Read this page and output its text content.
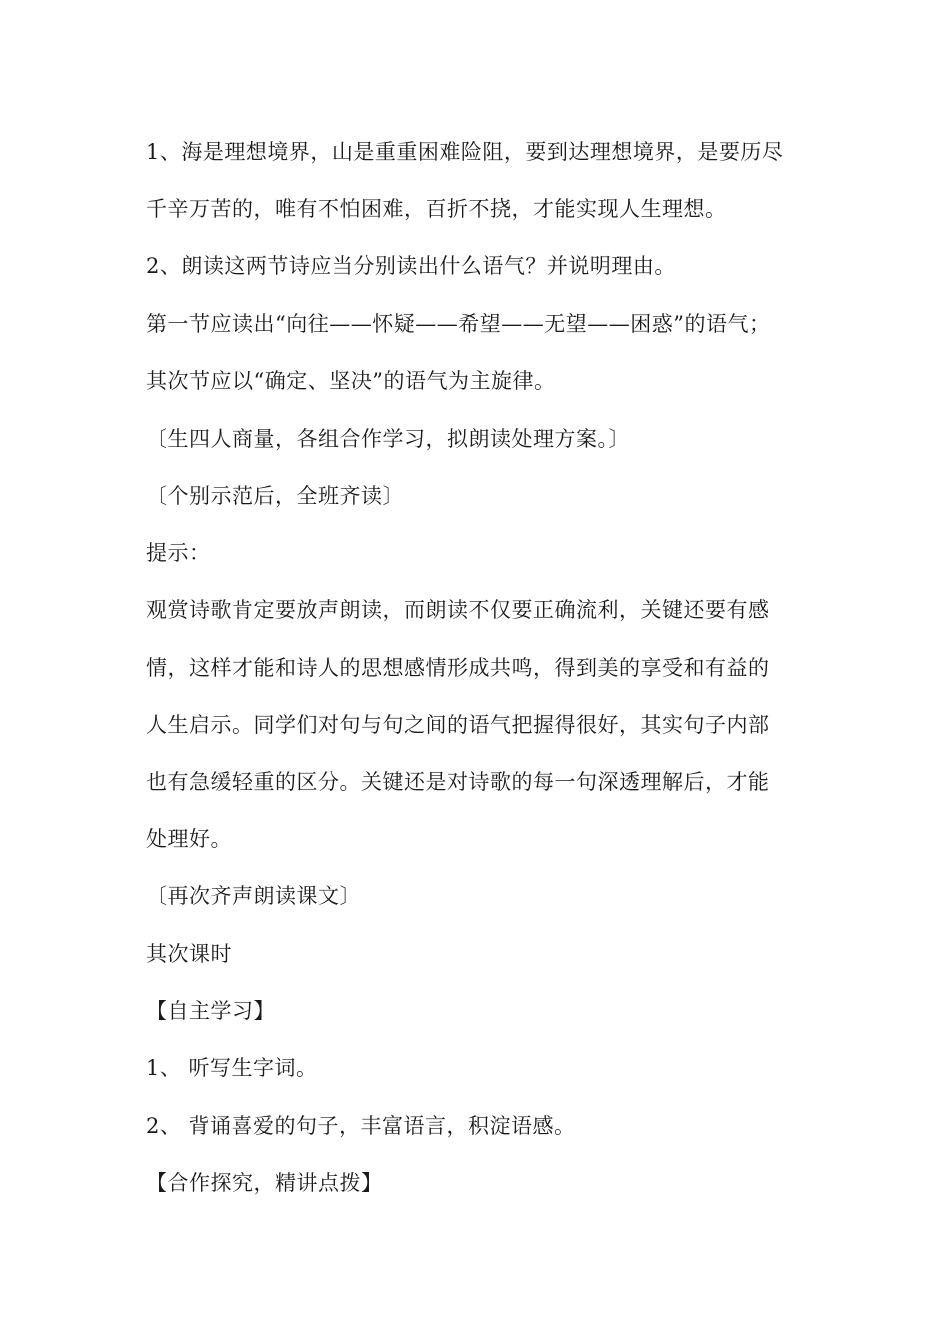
1、海是理想境界，山是重重困难险阻，要到达理想境界，是要历尽
千辛万苦的，唯有不怕困难，百折不挠，才能实现人生理想。
2、朗读这两节诗应当分别读出什么语气？并说明理由。
第一节应读出“向往——怀疑——希望——无望——困惑”的语气；
其次节应以“确定、坚决”的语气为主旋律。
〔生四人商量，各组合作学习，拟朗读处理方案。〕
〔个别示范后，全班齐读〕
提示：
观赏诗歌肯定要放声朗读，而朗读不仅要正确流利，关键还要有感
情，这样才能和诗人的思想感情形成共鸣，得到美的享受和有益的
人生启示。同学们对句与句之间的语气把握得很好，其实句子内部
也有急缓轻重的区分。关键还是对诗歌的每一句深透理解后，才能
处理好。
〔再次齐声朗读课文〕
其次课时
【自主学习】
1、 听写生字词。
2、 背诵喜爱的句子，丰富语言，积淀语感。
【合作探究，精讲点拨】
